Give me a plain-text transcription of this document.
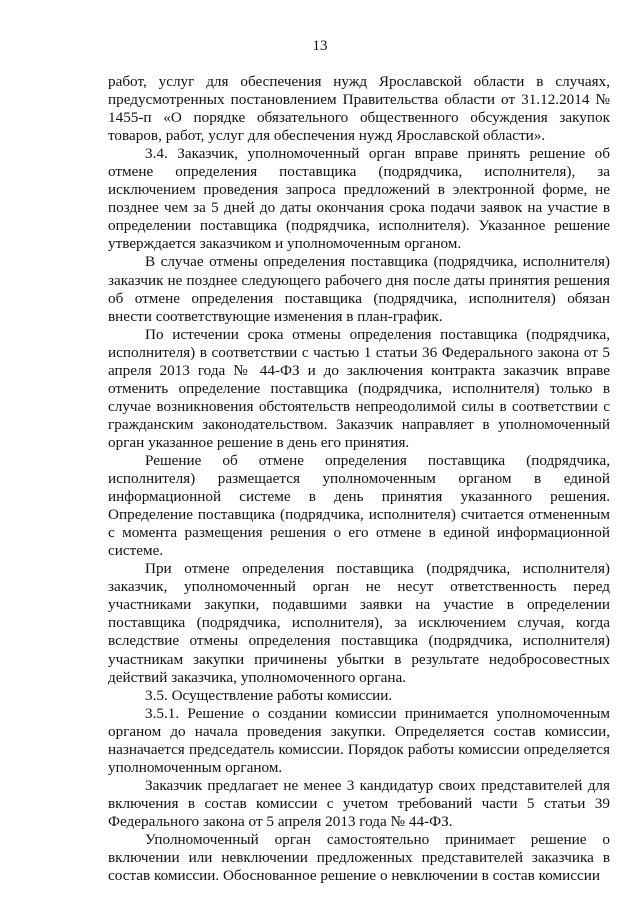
13

работ, услуг для обеспечения нужд Ярославской области в случаях, предусмотренных постановлением Правительства области от 31.12.2014 № 1455-п «О порядке обязательного общественного обсуждения закупок товаров, работ, услуг для обеспечения нужд Ярославской области».

3.4. Заказчик, уполномоченный орган вправе принять решение об отмене определения поставщика (подрядчика, исполнителя), за исключением проведения запроса предложений в электронной форме, не позднее чем за 5 дней до даты окончания срока подачи заявок на участие в определении поставщика (подрядчика, исполнителя). Указанное решение утверждается заказчиком и уполномоченным органом.

В случае отмены определения поставщика (подрядчика, исполнителя) заказчик не позднее следующего рабочего дня после даты принятия решения об отмене определения поставщика (подрядчика, исполнителя) обязан внести соответствующие изменения в план-график.

По истечении срока отмены определения поставщика (подрядчика, исполнителя) в соответствии с частью 1 статьи 36 Федерального закона от 5 апреля 2013 года № 44-ФЗ и до заключения контракта заказчик вправе отменить определение поставщика (подрядчика, исполнителя) только в случае возникновения обстоятельств непреодолимой силы в соответствии с гражданским законодательством. Заказчик направляет в уполномоченный орган указанное решение в день его принятия.

Решение об отмене определения поставщика (подрядчика, исполнителя) размещается уполномоченным органом в единой информационной системе в день принятия указанного решения. Определение поставщика (подрядчика, исполнителя) считается отмененным с момента размещения решения о его отмене в единой информационной системе.

При отмене определения поставщика (подрядчика, исполнителя) заказчик, уполномоченный орган не несут ответственность перед участниками закупки, подавшими заявки на участие в определении поставщика (подрядчика, исполнителя), за исключением случая, когда вследствие отмены определения поставщика (подрядчика, исполнителя) участникам закупки причинены убытки в результате недобросовестных действий заказчика, уполномоченного органа.

3.5. Осуществление работы комиссии.

3.5.1. Решение о создании комиссии принимается уполномоченным органом до начала проведения закупки. Определяется состав комиссии, назначается председатель комиссии. Порядок работы комиссии определяется уполномоченным органом.

Заказчик предлагает не менее 3 кандидатур своих представителей для включения в состав комиссии с учетом требований части 5 статьи 39 Федерального закона от 5 апреля 2013 года № 44-ФЗ.

Уполномоченный орган самостоятельно принимает решение о включении или невключении предложенных представителей заказчика в состав комиссии. Обоснованное решение о невключении в состав комиссии
